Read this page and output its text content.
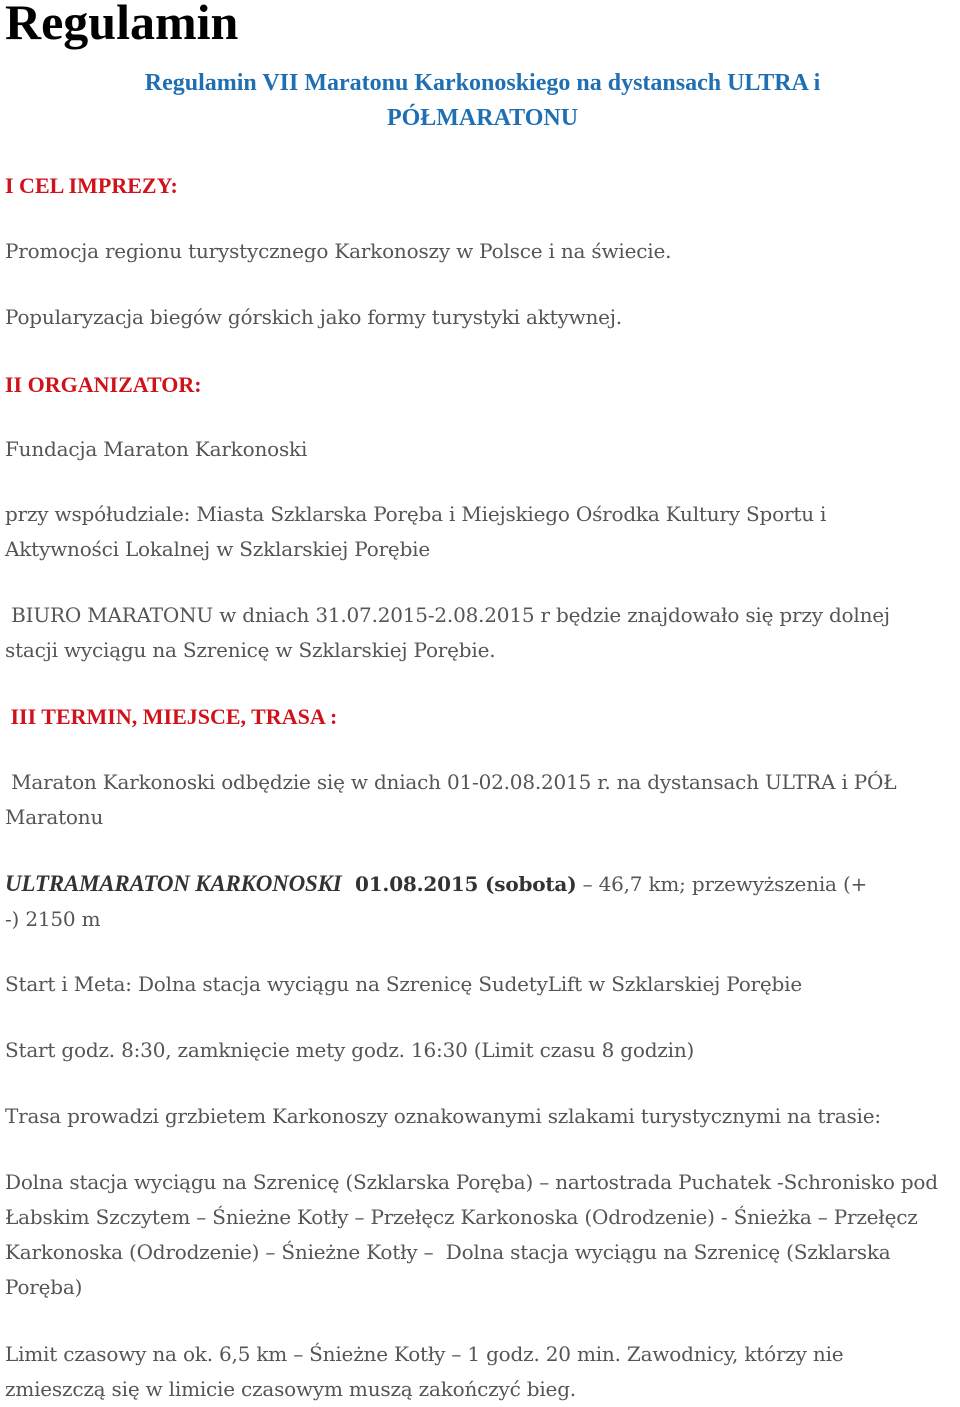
Regulamin
Regulamin VII Maratonu Karkonoskiego na dystansach ULTRA i
PÓŁMARATONU
I CEL IMPREZY:
Promocja regionu turystycznego Karkonoszy w Polsce i na świecie.
Popularyzacja biegów górskich jako formy turystyki aktywnej.
II ORGANIZATOR:
Fundacja Maraton Karkonoski
przy współudziale: Miasta Szklarska Poręba i Miejskiego Ośrodka Kultury Sportu i
Aktywności Lokalnej w Szklarskiej Porębie
BIURO MARATONU w dniach 31.07.2015-2.08.2015 r będzie znajdowało się przy dolnej
stacji wyciągu na Szrenicę w Szklarskiej Porębie.
III TERMIN, MIEJSCE, TRASA :
Maraton Karkonoski odbędzie się w dniach 01-02.08.2015 r. na dystansach ULTRA i PÓŁ
Maratonu
ULTRAMARATON KARKONOSKI  01.08.2015 (sobota) – 46,7 km; przewyższenia (+
-) 2150 m
Start i Meta: Dolna stacja wyciągu na Szrenicę SudetyLift w Szklarskiej Porębie
Start godz. 8:30, zamknięcie mety godz. 16:30 (Limit czasu 8 godzin)
Trasa prowadzi grzbietem Karkonoszy oznakowanymi szlakami turystycznymi na trasie:
Dolna stacja wyciągu na Szrenicę (Szklarska Poręba) – nartostrada Puchatek -Schronisko pod
Łabskim Szczytem – Śnieżne Kotły – Przełęcz Karkonoska (Odrodzenie) - Śnieżka – Przełęcz
Karkonoska (Odrodzenie) – Śnieżne Kotły –  Dolna stacja wyciągu na Szrenicę (Szklarska
Poręba)
Limit czasowy na ok. 6,5 km – Śnieżne Kotły – 1 godz. 20 min. Zawodnicy, którzy nie
zmieszczą się w limicie czasowym muszą zakończyć bieg.
